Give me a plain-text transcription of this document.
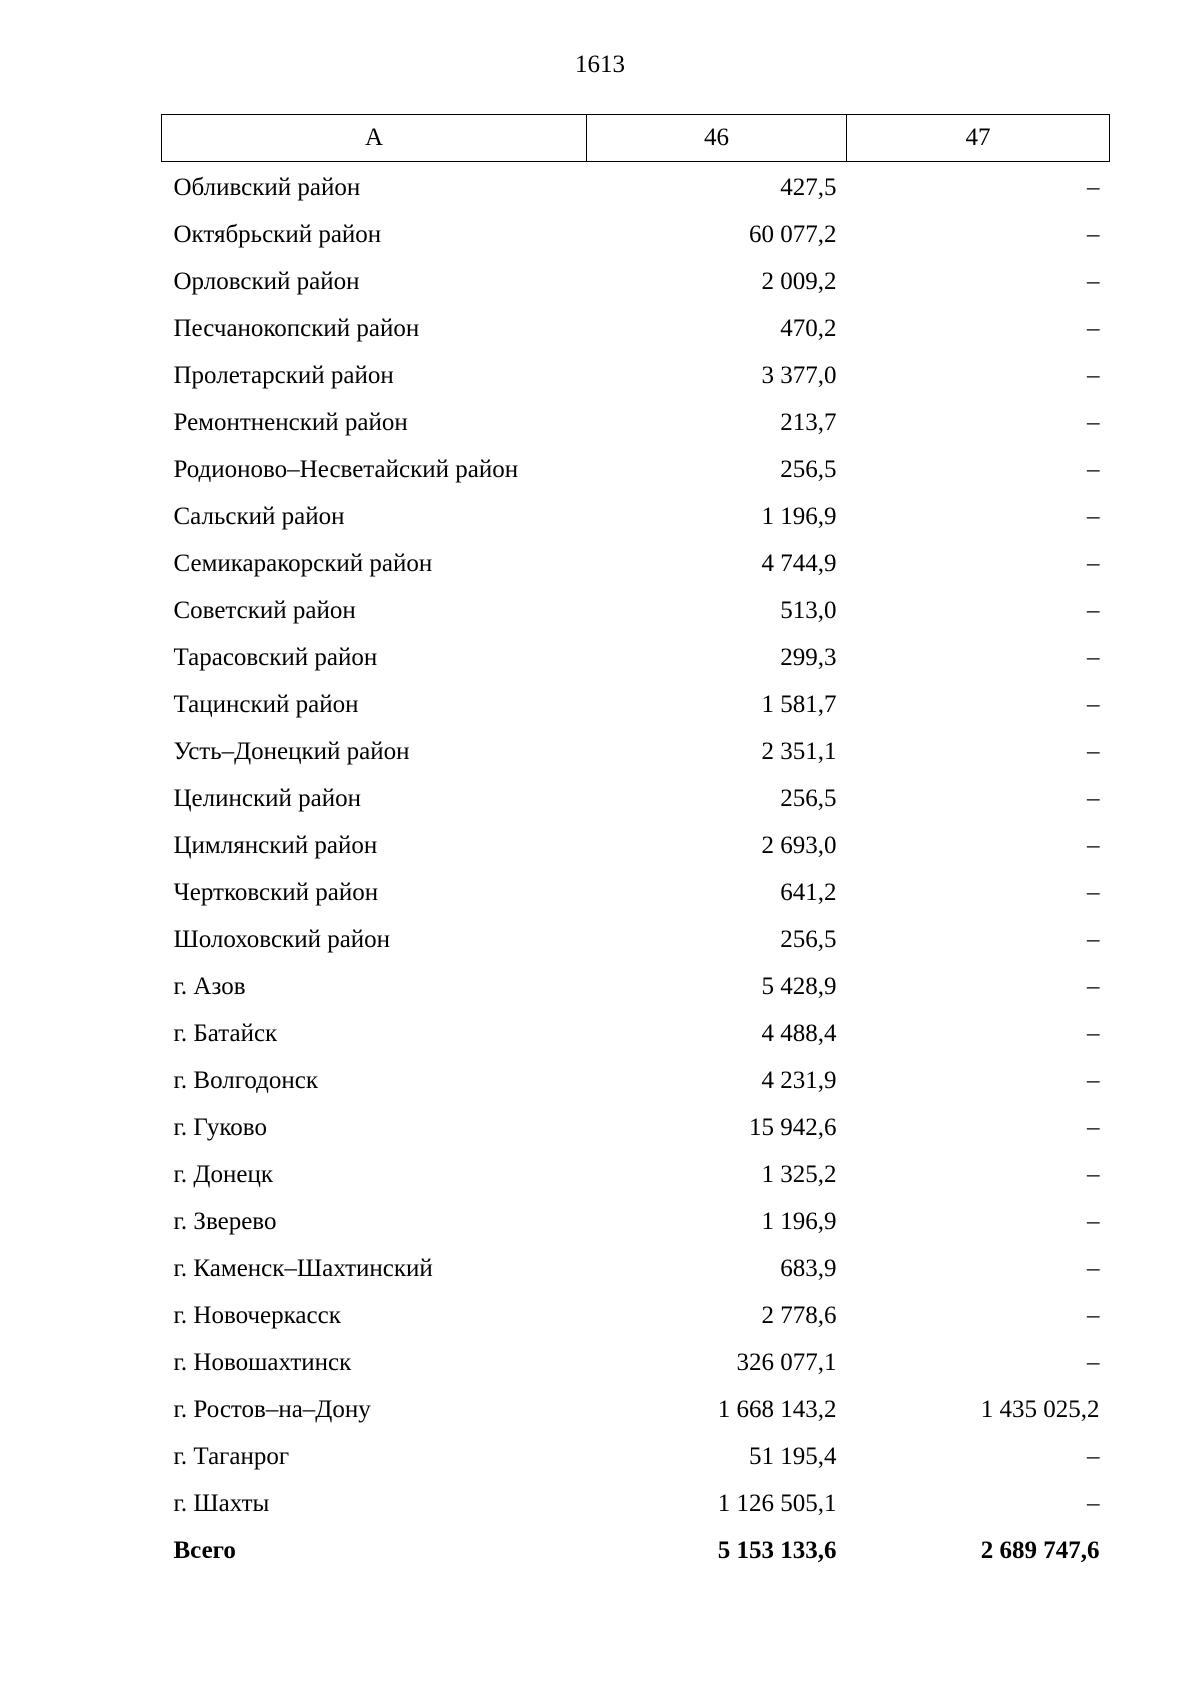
1613
А	46	47
Обливский район	427,5	–
Октябрьский район	60 077,2	–
Орловский район	2 009,2	–
Песчанокопский район	470,2	–
Пролетарский район	3 377,0	–
Ремонтненский район	213,7	–
Родионово–Несветайский район	256,5	–
Сальский район	1 196,9	–
Семикаракорский район	4 744,9	–
Советский район	513,0	–
Тарасовский район	299,3	–
Тацинский район	1 581,7	–
Усть–Донецкий район	2 351,1	–
Целинский район	256,5	–
Цимлянский район	2 693,0	–
Чертковский район	641,2	–
Шолоховский район	256,5	–
г. Азов	5 428,9	–
г. Батайск	4 488,4	–
г. Волгодонск	4 231,9	–
г. Гуково	15 942,6	–
г. Донецк	1 325,2	–
г. Зверево	1 196,9	–
г. Каменск–Шахтинский	683,9	–
г. Новочеркасск	2 778,6	–
г. Новошахтинск	326 077,1	–
г. Ростов–на–Дону	1 668 143,2	1 435 025,2
г. Таганрог	51 195,4	–
г. Шахты	1 126 505,1	–
Всего	5 153 133,6	2 689 747,6
